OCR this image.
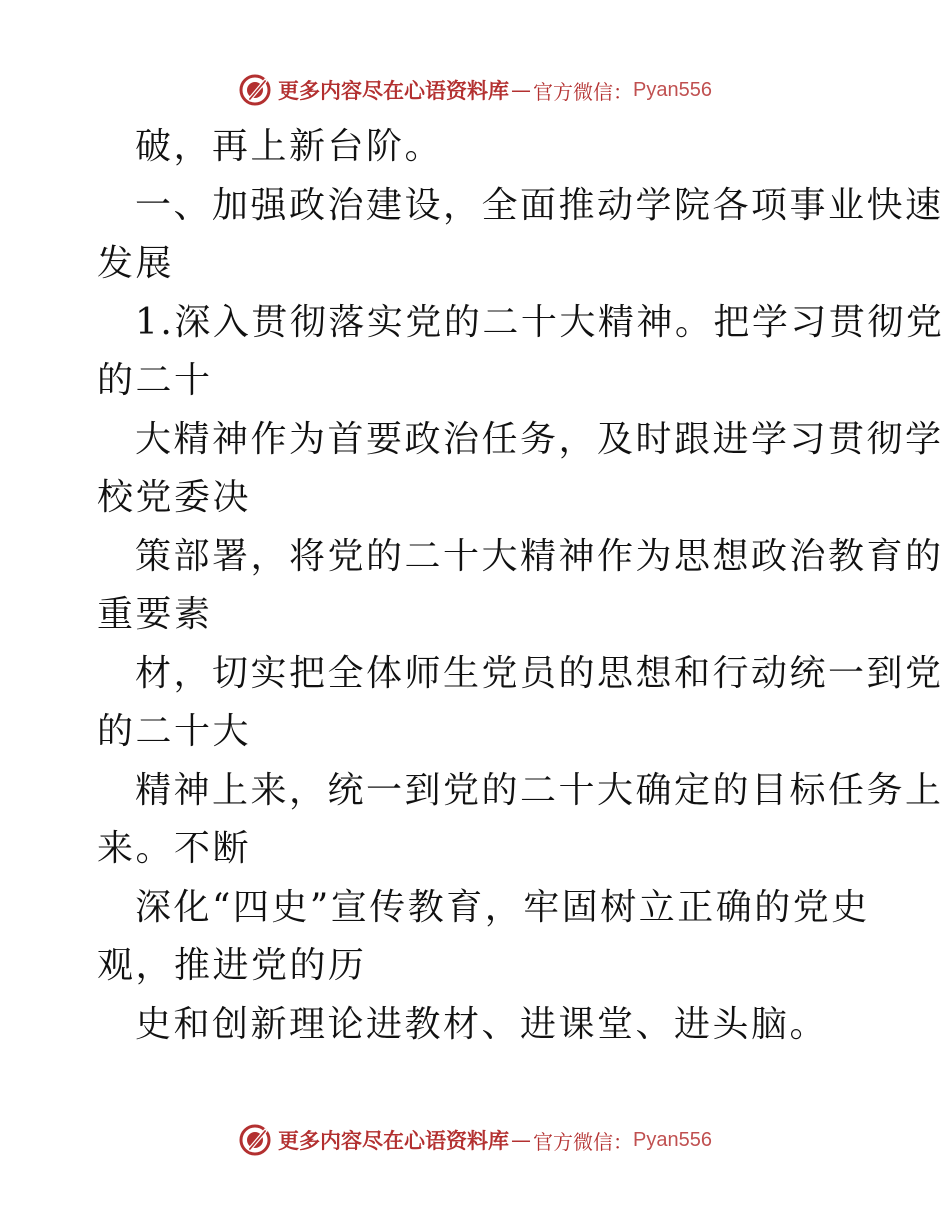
更多内容尽在心语资料库 — 官方微信： Pyan556
破，再上新台阶。
一、加强政治建设，全面推动学院各项事业快速
发展
1.深入贯彻落实党的二十大精神。把学习贯彻党
的二十
大精神作为首要政治任务，及时跟进学习贯彻学
校党委决
策部署，将党的二十大精神作为思想政治教育的
重要素
材，切实把全体师生党员的思想和行动统一到党
的二十大
精神上来，统一到党的二十大确定的目标任务上
来。不断
深化“四史”宣传教育，牢固树立正确的党史
观，推进党的历
史和创新理论进教材、进课堂、进头脑。
更多内容尽在心语资料库 — 官方微信： Pyan556
